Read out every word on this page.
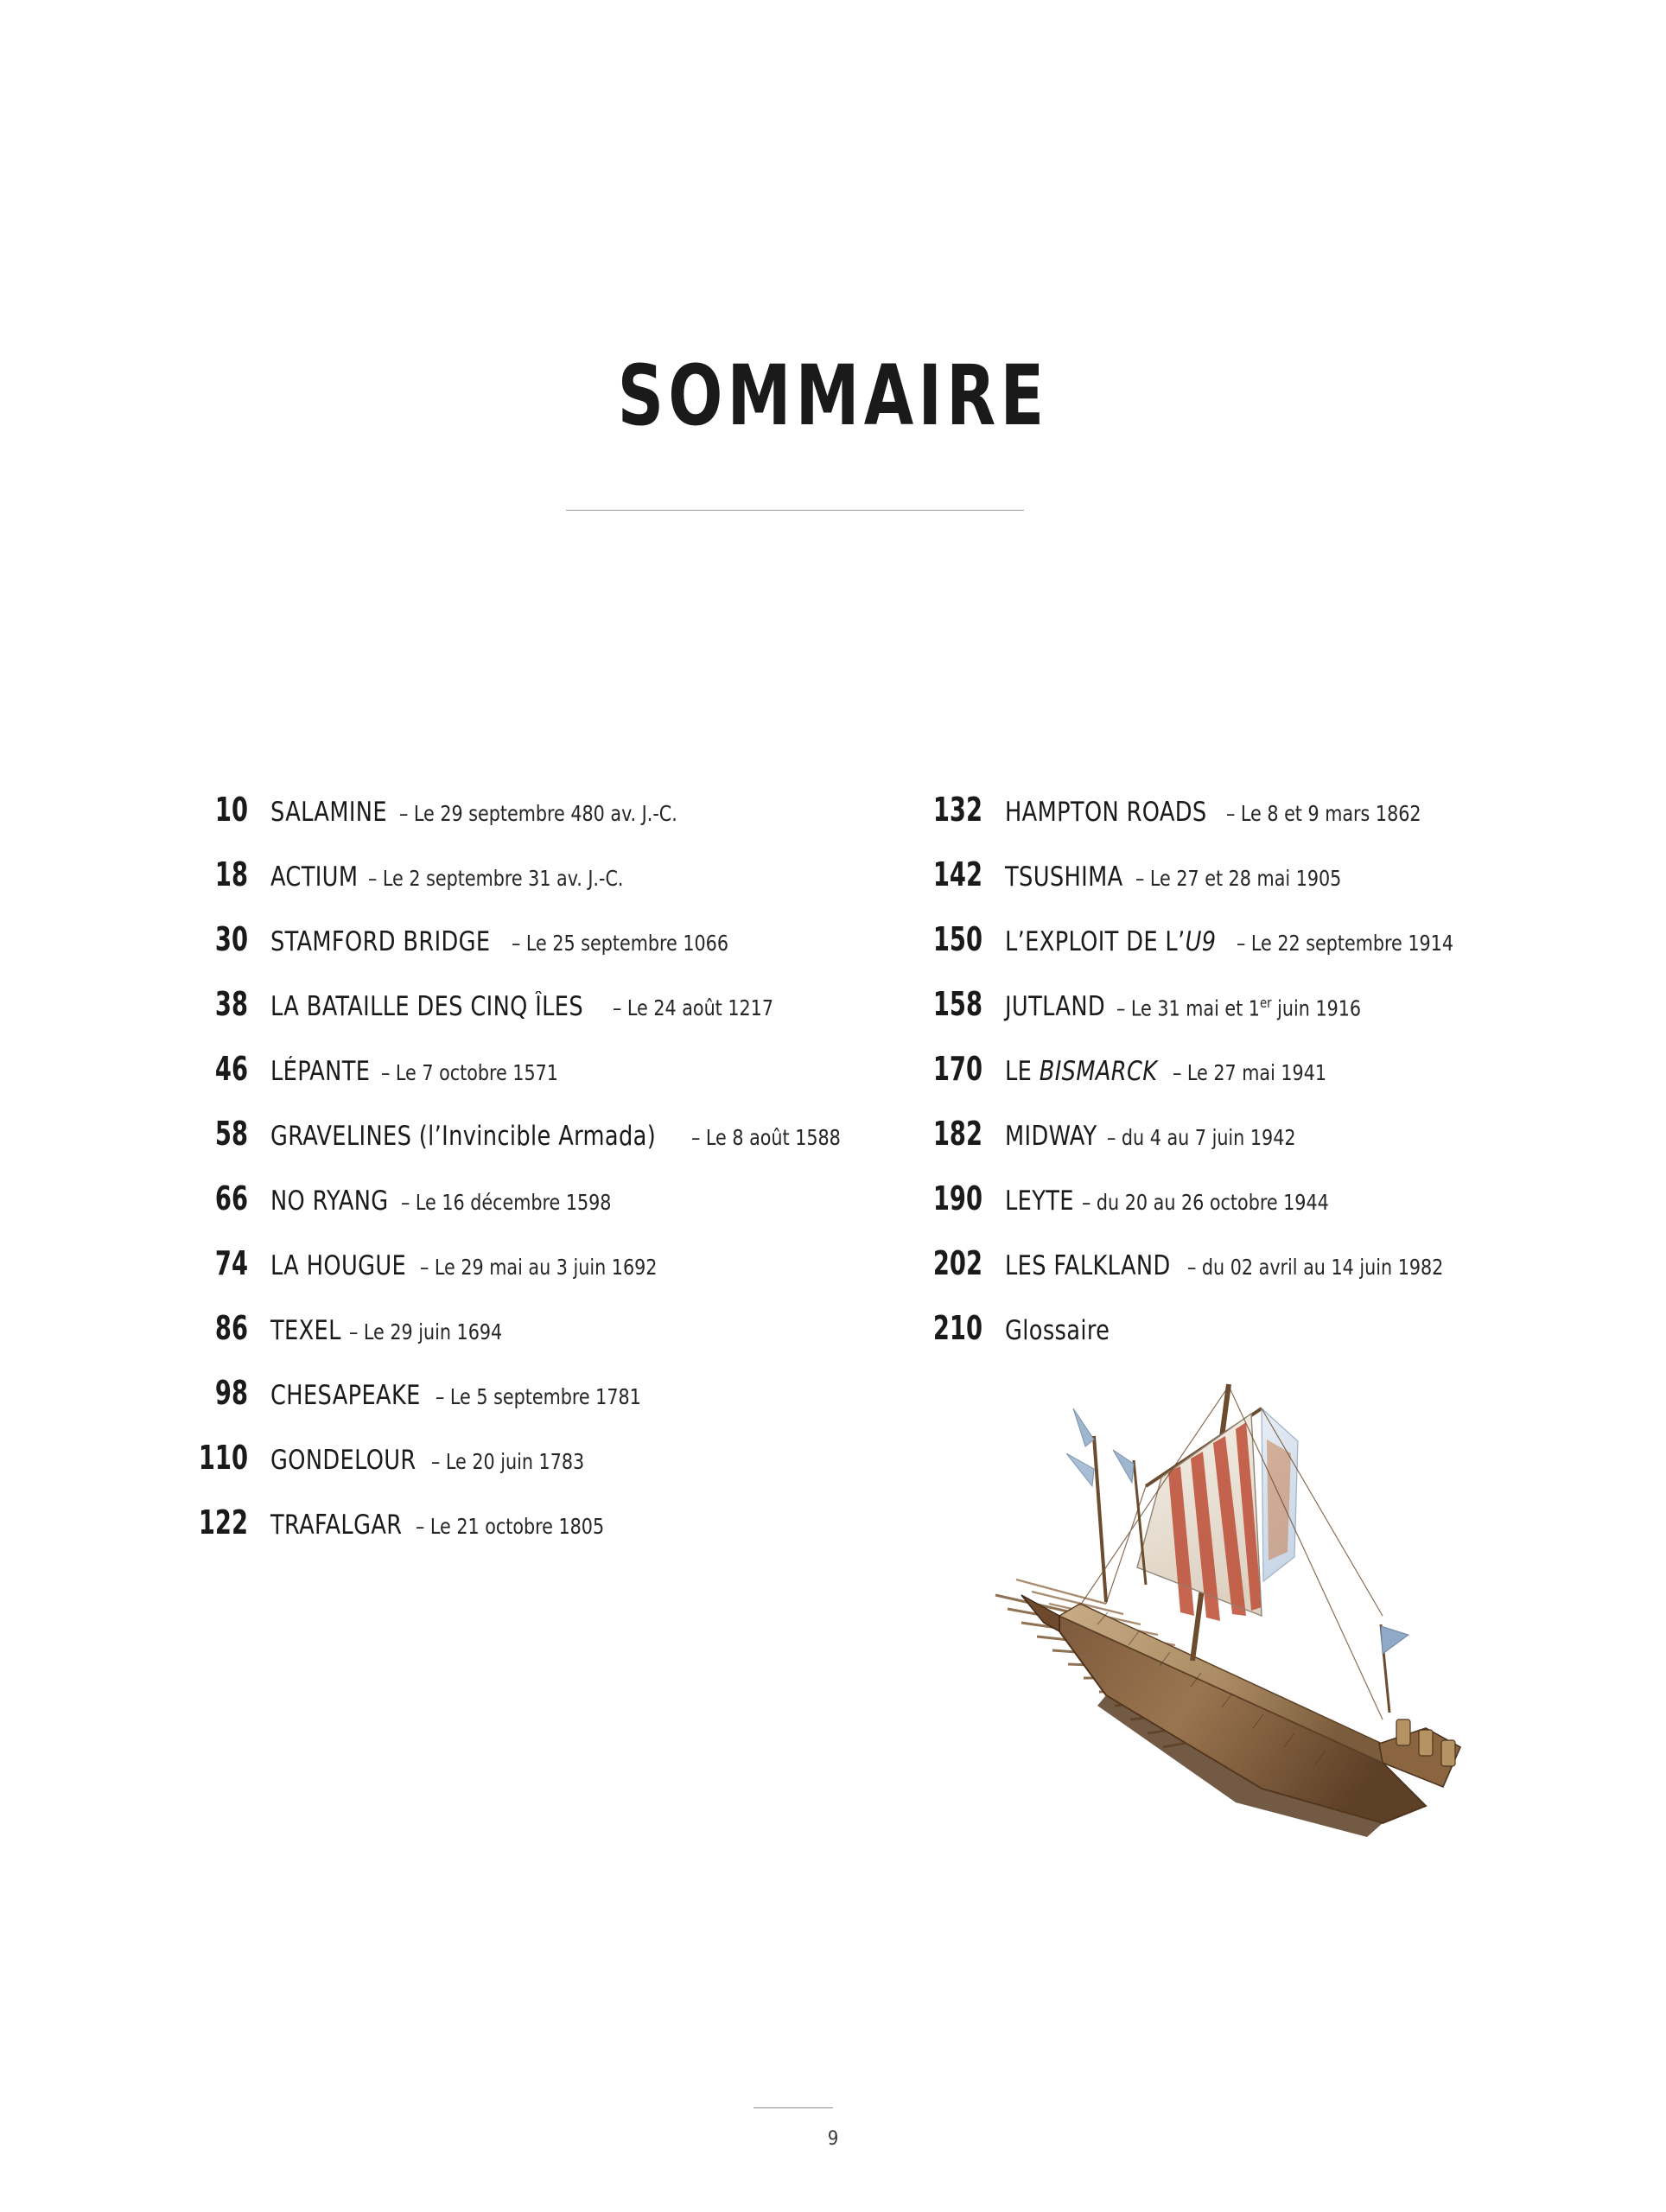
SOMMAIRE
10 SALAMINE – Le 29 septembre 480 av. J.-C.
18 ACTIUM – Le 2 septembre 31 av. J.-C.
30 STAMFORD BRIDGE – Le 25 septembre 1066
38 LA BATAILLE DES CINQ ÎLES – Le 24 août 1217
46 LÉPANTE – Le 7 octobre 1571
58 GRAVELINES (l’Invincible Armada) – Le 8 août 1588
66 NO RYANG – Le 16 décembre 1598
74 LA HOUGUE – Le 29 mai au 3 juin 1692
86 TEXEL – Le 29 juin 1694
98 CHESAPEAKE – Le 5 septembre 1781
110 GONDELOUR – Le 20 juin 1783
122 TRAFALGAR – Le 21 octobre 1805
132 HAMPTON ROADS – Le 8 et 9 mars 1862
142 TSUSHIMA – Le 27 et 28 mai 1905
150 L’EXPLOIT DE L’U9 – Le 22 septembre 1914
158 JUTLAND – Le 31 mai et 1er juin 1916
170 LE BISMARCK – Le 27 mai 1941
182 MIDWAY – du 4 au 7 juin 1942
190 LEYTE – du 20 au 26 octobre 1944
202 LES FALKLAND – du 02 avril au 14 juin 1982
210 Glossaire
9
